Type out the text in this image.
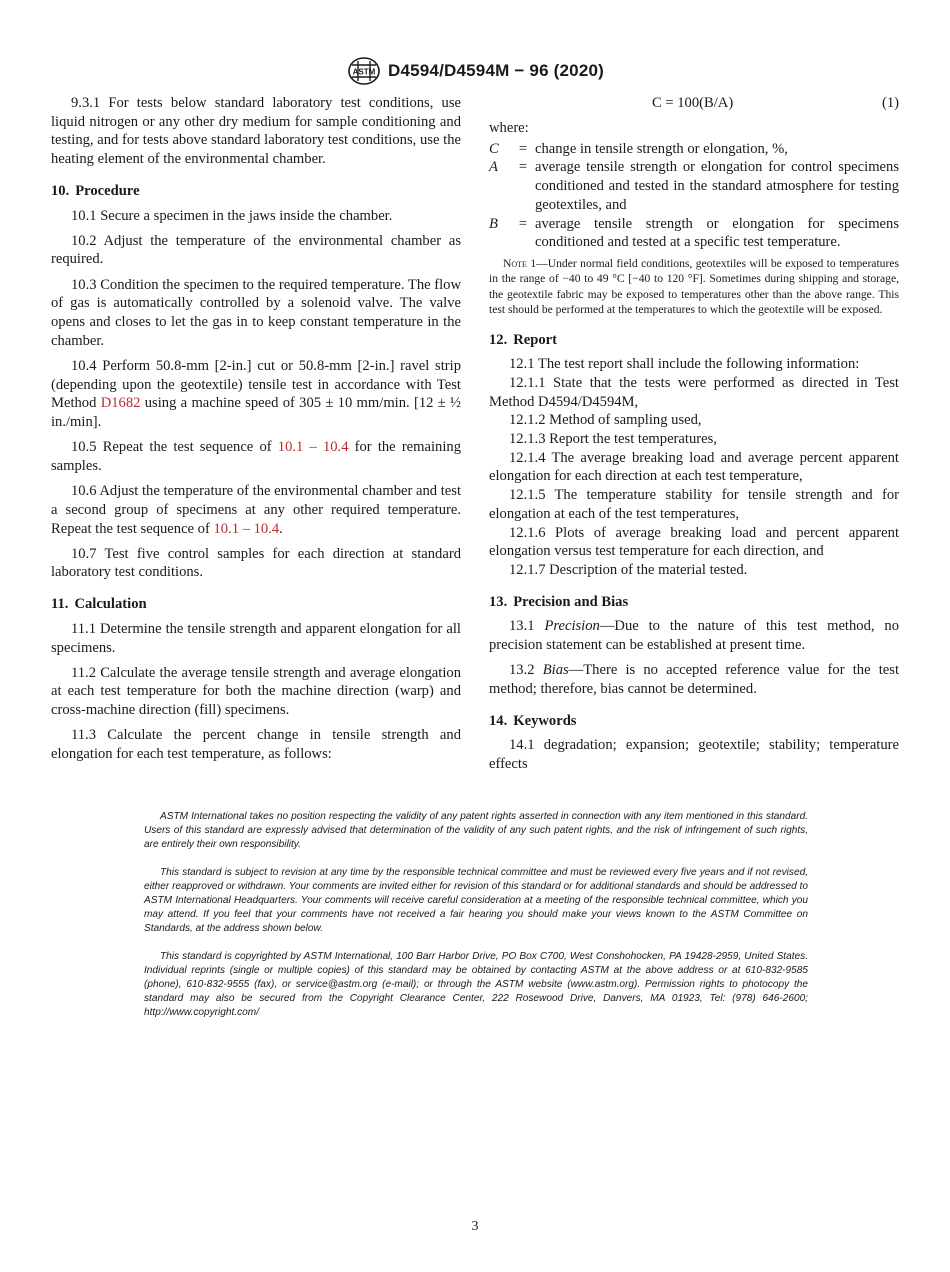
ASTM D4594/D4594M − 96 (2020)

9.3.1 For tests below standard laboratory test conditions, use liquid nitrogen or any other dry medium for sample conditioning and testing, and for tests above standard laboratory test conditions, use the heating element of the environmental chamber.

10. Procedure

10.1 Secure a specimen in the jaws inside the chamber.

10.2 Adjust the temperature of the environmental chamber as required.

10.3 Condition the specimen to the required temperature. The flow of gas is automatically controlled by a solenoid valve. The valve opens and closes to let the gas in to keep constant temperature in the chamber.

10.4 Perform 50.8-mm [2-in.] cut or 50.8-mm [2-in.] ravel strip (depending upon the geotextile) tensile test in accordance with Test Method D1682 using a machine speed of 305 ± 10 mm/min. [12 ± ½ in./min].

10.5 Repeat the test sequence of 10.1 – 10.4 for the remaining samples.

10.6 Adjust the temperature of the environmental chamber and test a second group of specimens at any other required temperature. Repeat the test sequence of 10.1 – 10.4.

10.7 Test five control samples for each direction at standard laboratory test conditions.

11. Calculation

11.1 Determine the tensile strength and apparent elongation for all specimens.

11.2 Calculate the average tensile strength and average elongation at each test temperature for both the machine direction (warp) and cross-machine direction (fill) specimens.

11.3 Calculate the percent change in tensile strength and elongation for each test temperature, as follows:

C = 100(B/A)	(1)

where:

C	= change in tensile strength or elongation, %,
A	= average tensile strength or elongation for control specimens conditioned and tested in the standard atmosphere for testing geotextiles, and
B	= average tensile strength or elongation for specimens conditioned and tested at a specific test temperature.

Note 1—Under normal field conditions, geotextiles will be exposed to temperatures in the range of −40 to 49 °C [−40 to 120 °F]. Sometimes during shipping and storage, the geotextile fabric may be exposed to temperatures other than the above range. This test should be performed at the temperatures to which the geotextile will be exposed.

12. Report

12.1 The test report shall include the following information:

12.1.1 State that the tests were performed as directed in Test Method D4594/D4594M,

12.1.2 Method of sampling used,

12.1.3 Report the test temperatures,

12.1.4 The average breaking load and average percent apparent elongation for each direction at each test temperature,

12.1.5 The temperature stability for tensile strength and for elongation at each of the test temperatures,

12.1.6 Plots of average breaking load and percent apparent elongation versus test temperature for each direction, and

12.1.7 Description of the material tested.

13. Precision and Bias

13.1 Precision—Due to the nature of this test method, no precision statement can be established at present time.

13.2 Bias—There is no accepted reference value for the test method; therefore, bias cannot be determined.

14. Keywords

14.1 degradation; expansion; geotextile; stability; temperature effects

ASTM International takes no position respecting the validity of any patent rights asserted in connection with any item mentioned in this standard. Users of this standard are expressly advised that determination of the validity of any such patent rights, and the risk of infringement of such rights, are entirely their own responsibility.

This standard is subject to revision at any time by the responsible technical committee and must be reviewed every five years and if not revised, either reapproved or withdrawn. Your comments are invited either for revision of this standard or for additional standards and should be addressed to ASTM International Headquarters. Your comments will receive careful consideration at a meeting of the responsible technical committee, which you may attend. If you feel that your comments have not received a fair hearing you should make your views known to the ASTM Committee on Standards, at the address shown below.

This standard is copyrighted by ASTM International, 100 Barr Harbor Drive, PO Box C700, West Conshohocken, PA 19428-2959, United States. Individual reprints (single or multiple copies) of this standard may be obtained by contacting ASTM at the above address or at 610-832-9585 (phone), 610-832-9555 (fax), or service@astm.org (e-mail); or through the ASTM website (www.astm.org). Permission rights to photocopy the standard may also be secured from the Copyright Clearance Center, 222 Rosewood Drive, Danvers, MA 01923, Tel: (978) 646-2600; http://www.copyright.com/

3
